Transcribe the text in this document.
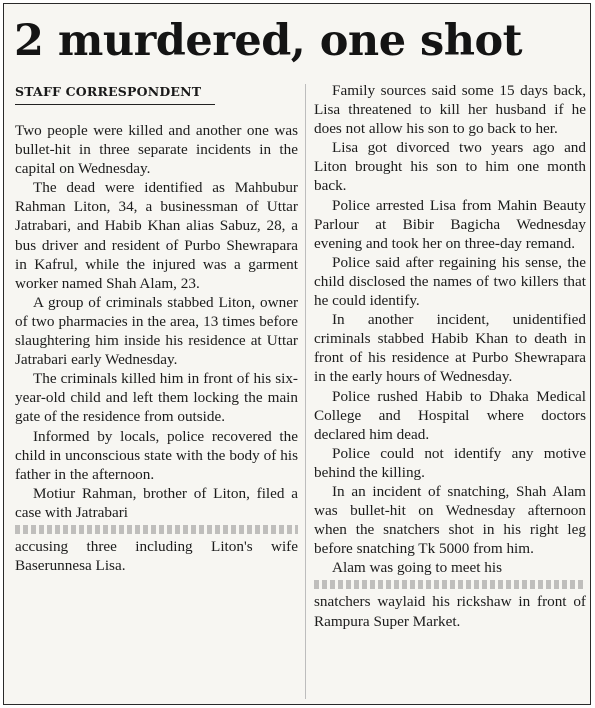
2 murdered, one shot
STAFF CORRESPONDENT

Two people were killed and another one was bullet-hit in three separate incidents in the capital on Wednesday.

The dead were identified as Mahbubur Rahman Liton, 34, a businessman of Uttar Jatrabari, and Habib Khan alias Sabuz, 28, a bus driver and resident of Purbo Shewrapara in Kafrul, while the injured was a garment worker named Shah Alam, 23.

A group of criminals stabbed Liton, owner of two pharmacies in the area, 13 times before slaughtering him inside his residence at Uttar Jatrabari early Wednesday.

The criminals killed him in front of his six-year-old child and left them locking the main gate of the residence from outside.

Informed by locals, police recovered the child in unconscious state with the body of his father in the afternoon.

Motiur Rahman, brother of Liton, filed a case with Jatrabari

accusing three including Liton's wife Baserunnesa Lisa.

Family sources said some 15 days back, Lisa threatened to kill her husband if he does not allow his son to go back to her.

Lisa got divorced two years ago and Liton brought his son to him one month back.

Police arrested Lisa from Mahin Beauty Parlour at Bibir Bagicha Wednesday evening and took her on three-day remand.

Police said after regaining his sense, the child disclosed the names of two killers that he could identify.

In another incident, unidentified criminals stabbed Habib Khan to death in front of his residence at Purbo Shewrapara in the early hours of Wednesday.

Police rushed Habib to Dhaka Medical College and Hospital where doctors declared him dead.

Police could not identify any motive behind the killing.

In an incident of snatching, Shah Alam was bullet-hit on Wednesday afternoon when the snatchers shot in his right leg before snatching Tk 5000 from him.

Alam was going to meet his

snatchers waylaid his rickshaw in front of Rampura Super Market.
